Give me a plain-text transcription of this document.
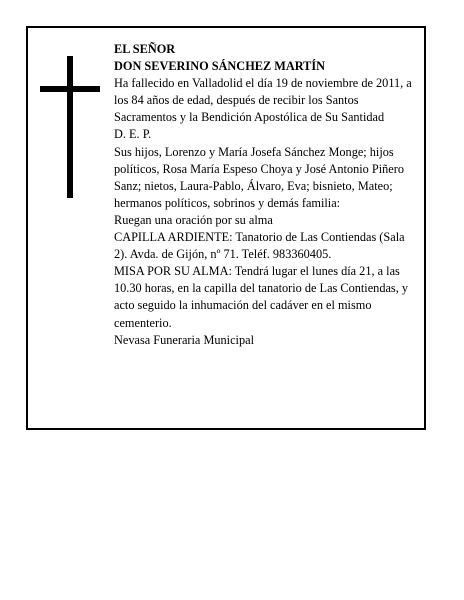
EL SEÑOR

DON SEVERINO SÁNCHEZ MARTÍN

Ha fallecido en Valladolid el día 19 de noviembre de 2011, a los 84 años de edad, después de recibir los Santos Sacramentos y la Bendición Apostólica de Su Santidad

D. E. P.

Sus hijos, Lorenzo y María Josefa Sánchez Monge; hijos políticos, Rosa María Espeso Choya y José Antonio Piñero Sanz; nietos, Laura-Pablo, Álvaro, Eva; bisnieto, Mateo; hermanos políticos, sobrinos y demás familia:

Ruegan una oración por su alma

CAPILLA ARDIENTE: Tanatorio de Las Contiendas (Sala 2). Avda. de Gijón, nº 71. Teléf. 983360405.

MISA POR SU ALMA: Tendrá lugar el lunes día 21, a las 10.30 horas, en la capilla del tanatorio de Las Contiendas, y acto seguido la inhumación del cadáver en el mismo cementerio.

Nevasa Funeraria Municipal
